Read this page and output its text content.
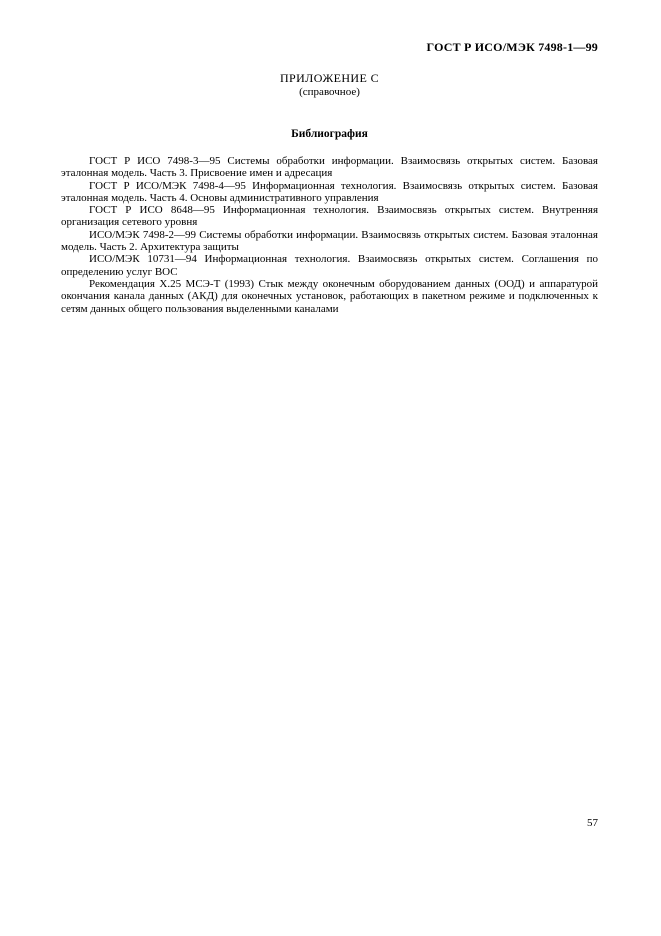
ГОСТ Р ИСО/МЭК 7498-1—99
ПРИЛОЖЕНИЕ С
(справочное)
Библиография

ГОСТ Р ИСО 7498-3—95 Системы обработки информации. Взаимосвязь открытых систем. Базовая эталонная модель. Часть 3. Присвоение имен и адресация

ГОСТ Р ИСО/МЭК 7498-4—95 Информационная технология. Взаимосвязь открытых систем. Базовая эталонная модель. Часть 4. Основы административного управления

ГОСТ Р ИСО 8648—95 Информационная технология. Взаимосвязь открытых систем. Внутренняя организация сетевого уровня

ИСО/МЭК 7498-2—99 Системы обработки информации. Взаимосвязь открытых систем. Базовая эталонная модель. Часть 2. Архитектура защиты

ИСО/МЭК 10731—94 Информационная технология. Взаимосвязь открытых систем. Соглашения по определению услуг ВОС

Рекомендация X.25 МСЭ-Т (1993) Стык между оконечным оборудованием данных (ООД) и аппаратурой окончания канала данных (АКД) для оконечных установок, работающих в пакетном режиме и подключенных к сетям данных общего пользования выделенными каналами

57
